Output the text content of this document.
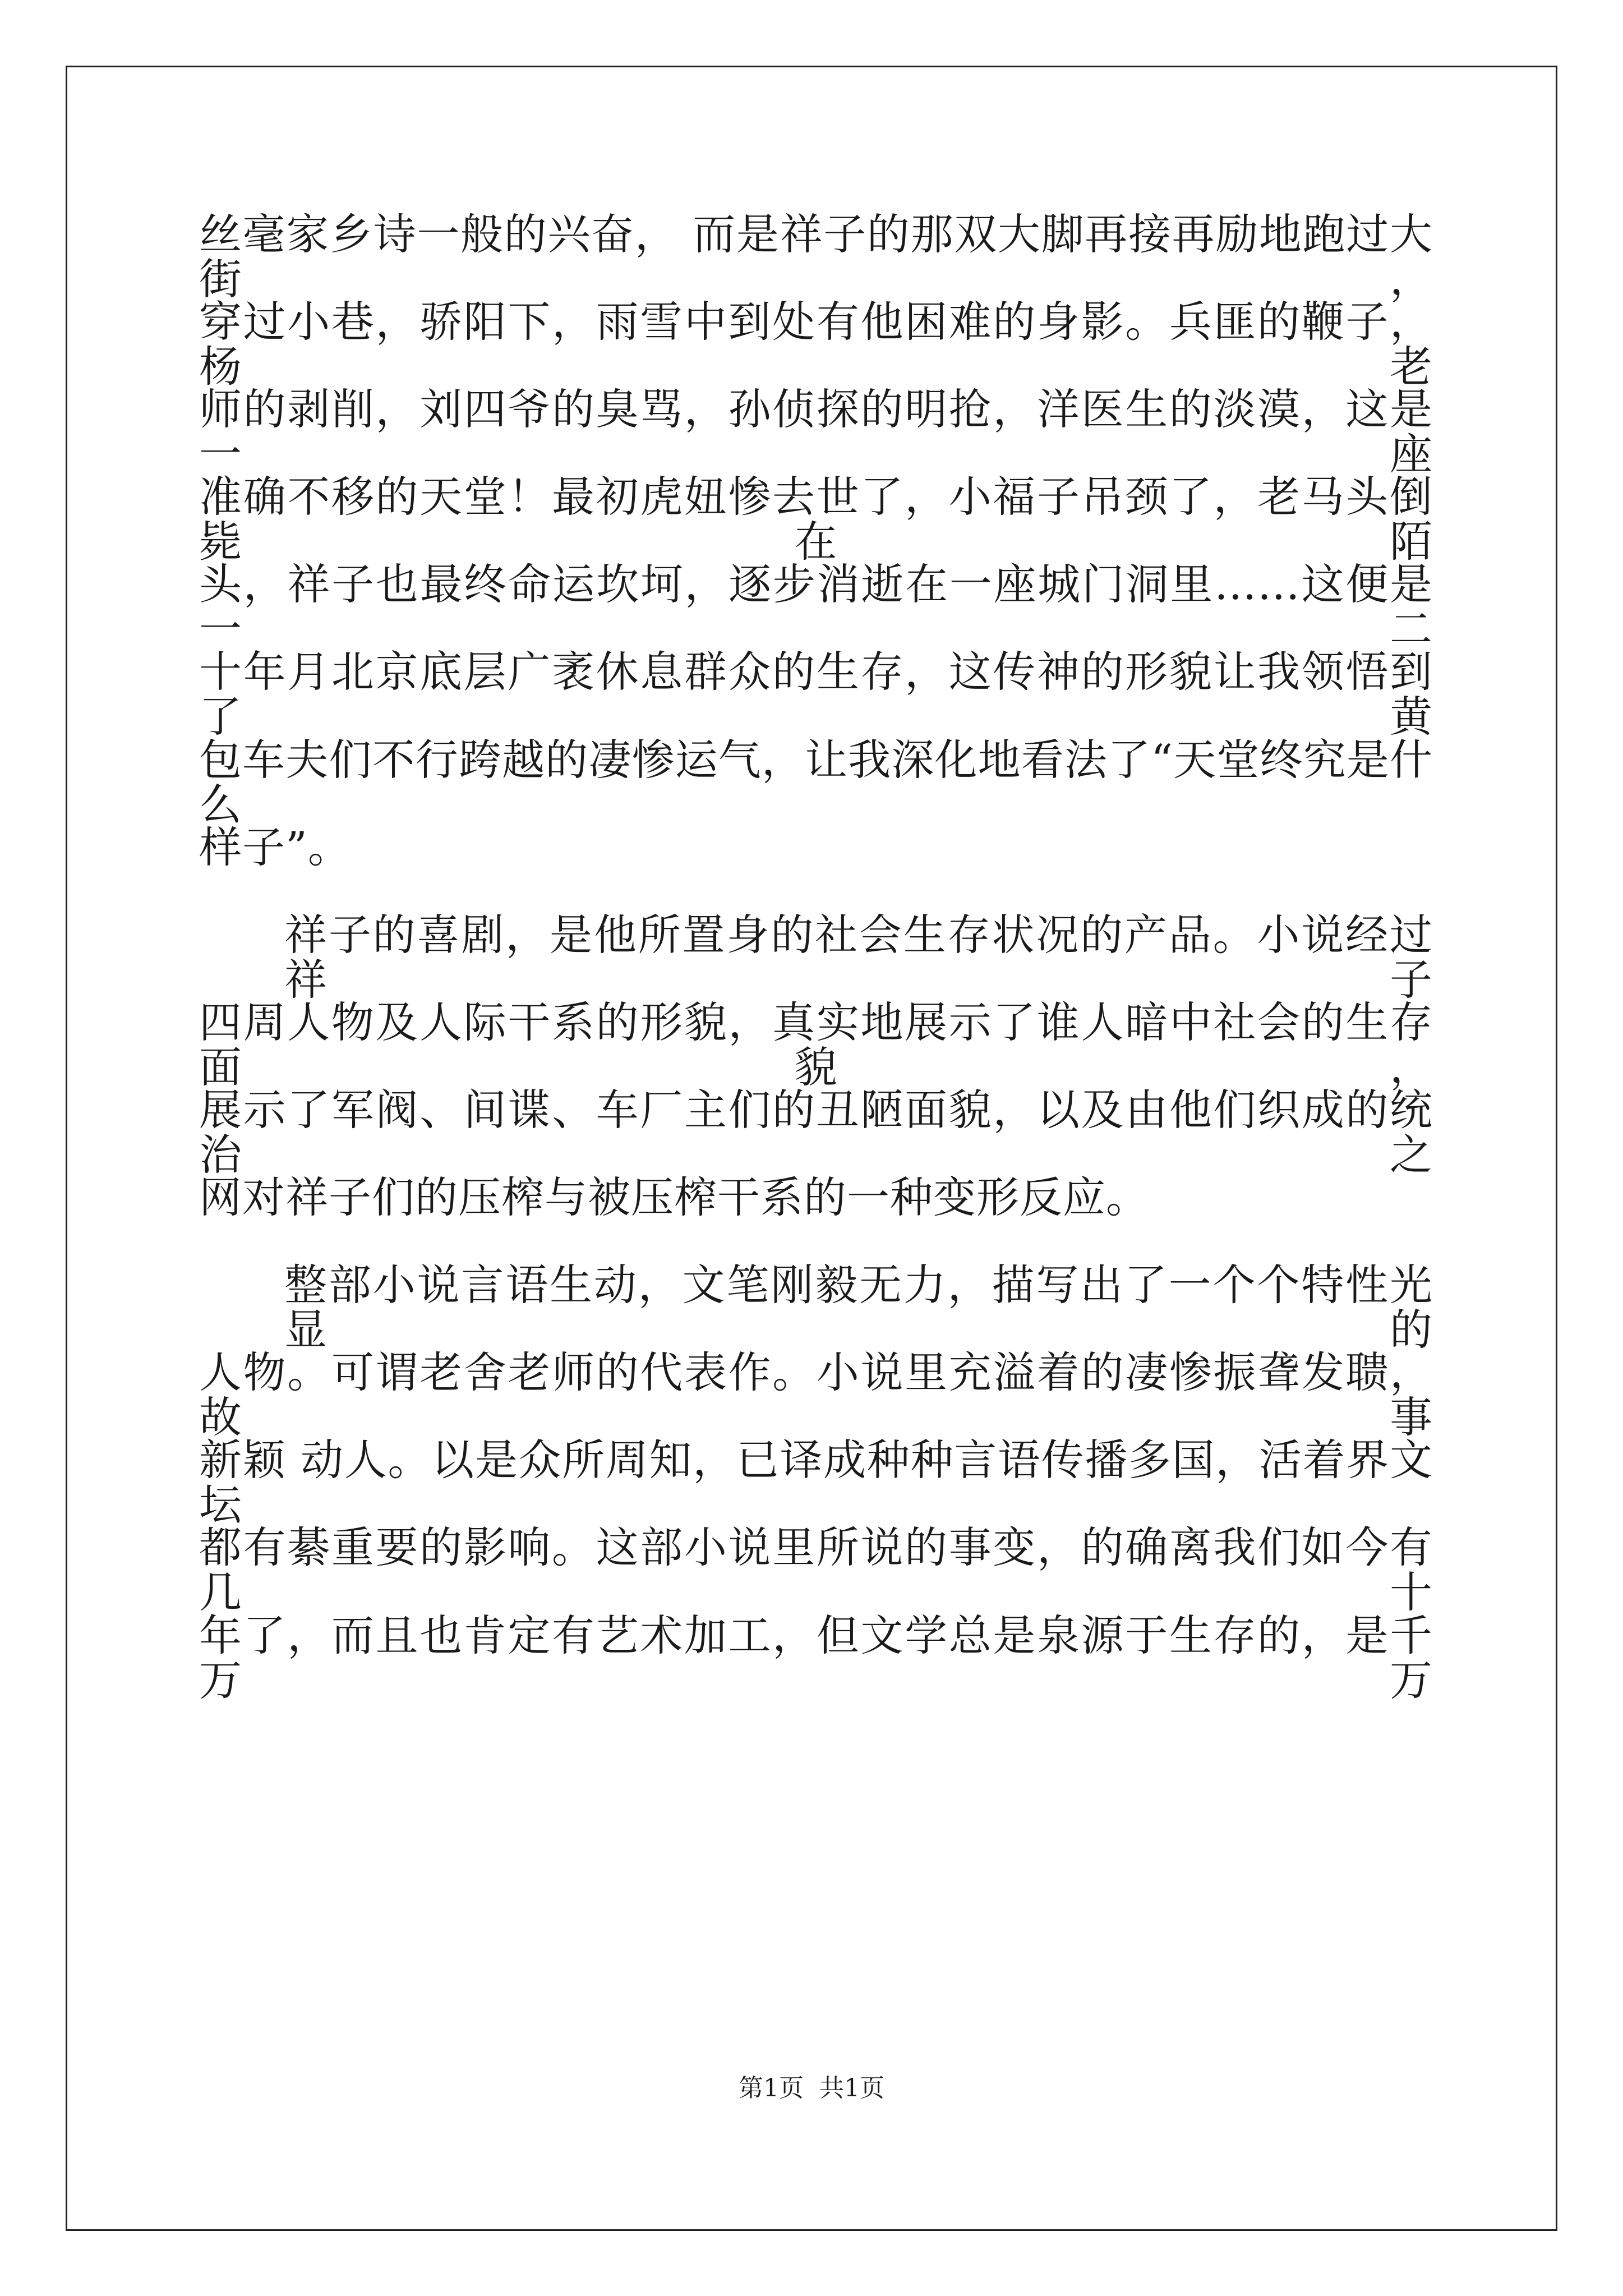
丝毫家乡诗一般的兴奋， 而是祥子的那双大脚再接再励地跑过大街，
穿过小巷，骄阳下，雨雪中到处有他困难的身影。兵匪的鞭子，杨老
师的剥削，刘四爷的臭骂，孙侦探的明抢，洋医生的淡漠，这是一座
准确不移的天堂！最初虎妞惨去世了，小福子吊颈了，老马头倒毙在陌
头，祥子也最终命运坎坷，逐步消逝在一座城门洞里……这便是一二
十年月北京底层广袤休息群众的生存，这传神的形貌让我领悟到了黄
包车夫们不行跨越的凄惨运气，让我深化地看法了“天堂终究是什么
样子”。
祥子的喜剧，是他所置身的社会生存状况的产品。小说经过祥子
四周人物及人际干系的形貌，真实地展示了谁人暗中社会的生存面貌，
展示了军阀、间谍、车厂主们的丑陋面貌，以及由他们织成的统治之
网对祥子们的压榨与被压榨干系的一种变形反应。
整部小说言语生动，文笔刚毅无力，描写出了一个个特性光显的
人物。可谓老舍老师的代表作。小说里充溢着的凄惨振聋发聩，故事
新颖 动人。以是众所周知，已译成种种言语传播多国，活着界文坛
都有綦重要的影响。这部小说里所说的事变，的确离我们如今有几十
年了，而且也肯定有艺术加工，但文学总是泉源于生存的，是千万万
第1页 共1页
